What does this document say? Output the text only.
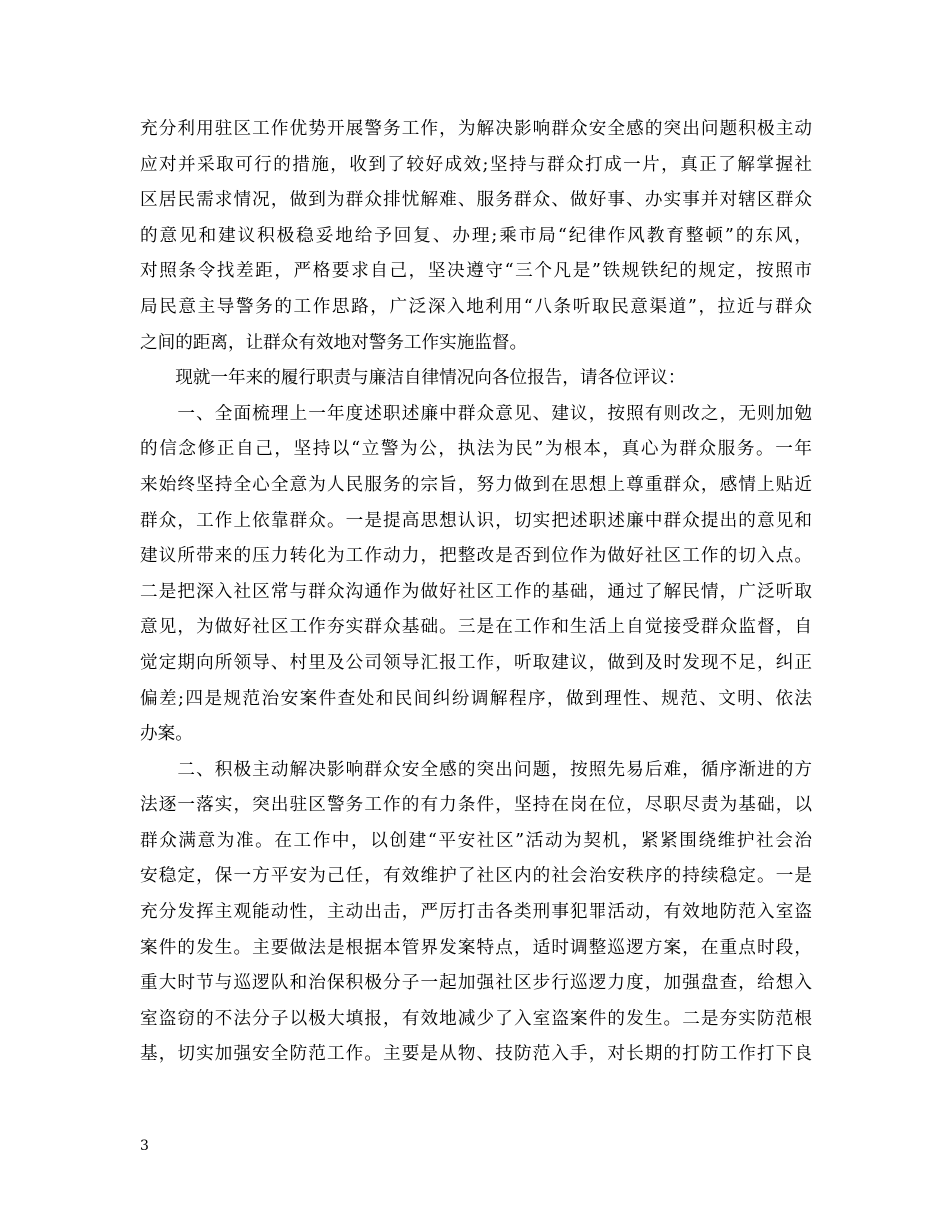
充分利用驻区工作优势开展警务工作，为解决影响群众安全感的突出问题积极主动
应对并采取可行的措施，收到了较好成效;坚持与群众打成一片，真正了解掌握社
区居民需求情况，做到为群众排忧解难、服务群众、做好事、办实事并对辖区群众
的意见和建议积极稳妥地给予回复、办理;乘市局“纪律作风教育整顿”的东风，
对照条令找差距，严格要求自己，坚决遵守“三个凡是”铁规铁纪的规定，按照市
局民意主导警务的工作思路，广泛深入地利用“八条听取民意渠道”，拉近与群众
之间的距离，让群众有效地对警务工作实施监督。
　　现就一年来的履行职责与廉洁自律情况向各位报告，请各位评议：
　　一、全面梳理上一年度述职述廉中群众意见、建议，按照有则改之，无则加勉
的信念修正自己，坚持以“立警为公，执法为民”为根本，真心为群众服务。一年
来始终坚持全心全意为人民服务的宗旨，努力做到在思想上尊重群众，感情上贴近
群众，工作上依靠群众。一是提高思想认识，切实把述职述廉中群众提出的意见和
建议所带来的压力转化为工作动力，把整改是否到位作为做好社区工作的切入点。
二是把深入社区常与群众沟通作为做好社区工作的基础，通过了解民情，广泛听取
意见，为做好社区工作夯实群众基础。三是在工作和生活上自觉接受群众监督，自
觉定期向所领导、村里及公司领导汇报工作，听取建议，做到及时发现不足，纠正
偏差;四是规范治安案件查处和民间纠纷调解程序，做到理性、规范、文明、依法
办案。
　　二、积极主动解决影响群众安全感的突出问题，按照先易后难，循序渐进的方
法逐一落实，突出驻区警务工作的有力条件，坚持在岗在位，尽职尽责为基础，以
群众满意为准。在工作中，以创建“平安社区”活动为契机，紧紧围绕维护社会治
安稳定，保一方平安为己任，有效维护了社区内的社会治安秩序的持续稳定。一是
充分发挥主观能动性，主动出击，严厉打击各类刑事犯罪活动，有效地防范入室盗
案件的发生。主要做法是根据本管界发案特点，适时调整巡逻方案，在重点时段，
重大时节与巡逻队和治保积极分子一起加强社区步行巡逻力度，加强盘查，给想入
室盗窃的不法分子以极大填报，有效地减少了入室盗案件的发生。二是夯实防范根
基，切实加强安全防范工作。主要是从物、技防范入手，对长期的打防工作打下良
3
